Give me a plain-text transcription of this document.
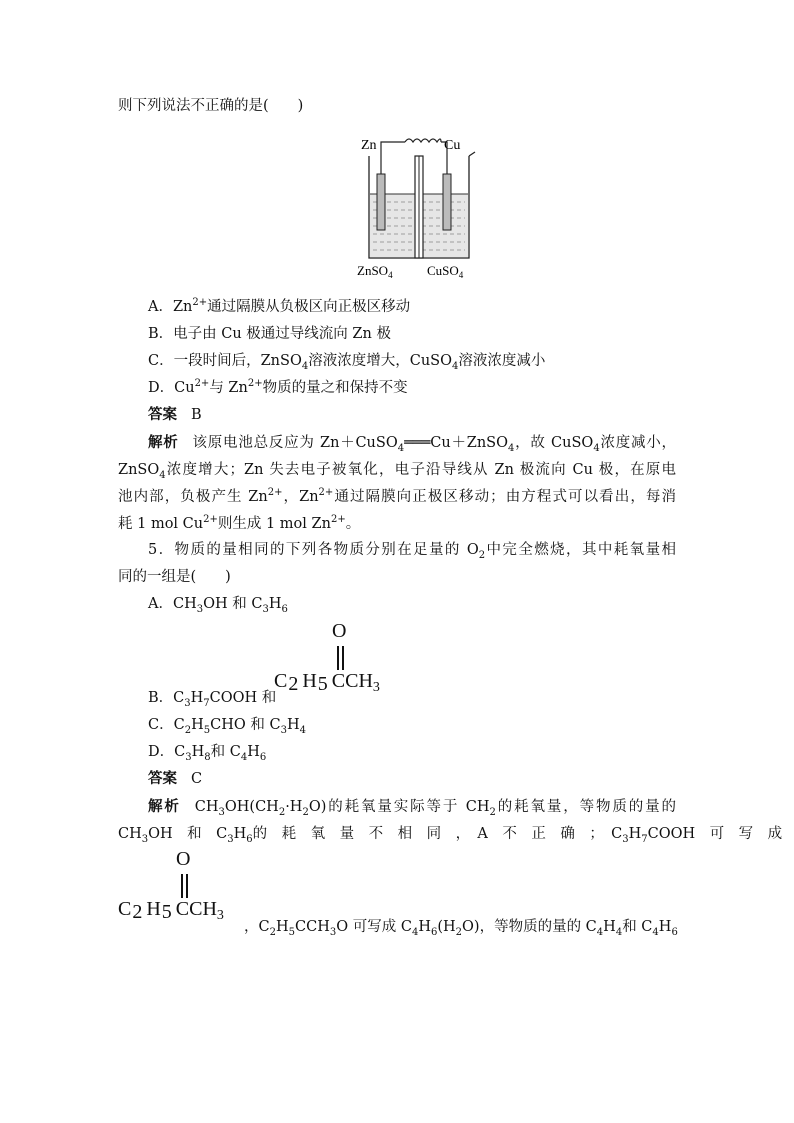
则下列说法不正确的是(　　)
Zn	Cu
ZnSO$_4$	CuSO$_4$
A．$Zn^{2+}$通过隔膜从负极区向正极区移动
B．电子由 Cu 极通过导线流向 Zn 极
C．一段时间后，ZnSO$_4$溶液浓度增大，CuSO$_4$溶液浓度减小
D．$Cu^{2+}$与 $Zn^{2+}$物质的量之和保持不变
答案 B
解析 该原电池总反应为 Zn＋CuSO$_4$═══Cu＋ZnSO$_4$，故 CuSO$_4$浓度减小，
ZnSO$_4$浓度增大；Zn 失去电子被氧化，电子沿导线从 Zn 极流向 Cu 极，在原电
池内部，负极产生 $Zn^{2+}$，$Zn^{2+}$通过隔膜向正极区移动；由方程式可以看出，每消
耗 1 mol $Cu^{2+}$则生成 1 mol $Zn^{2+}$。
5．物质的量相同的下列各物质分别在足量的 $O_2$中完全燃烧，其中耗氧量相
同的一组是(　　)
A．$CH_3OH$ 和 $C_3H_6$
O
$C_2$ $H_5$ $CCH_3$
B．$C_3H_7COOH$ 和
C．$C_2H_5CHO$ 和 $C_3H_4$
D．$C_3H_8$和 $C_4H_6$
答案 C
解析 $CH_3OH(CH_2\cdot H_2O)$的耗氧量实际等于 $CH_2$的耗氧量，等物质的量的
$CH_3OH$　和　$C_3H_6$的　耗　氧　量　不　相　同　，　A　不　正　确　；　$C_3H_7COOH$　可　写　成
O
$C_2$ $H_5$ $CCH_3$
，$C_2H_5CCH_3O$ 可写成 $C_4H_6(H_2O)$，等物质的量的 $C_4H_4$和 $C_4H_6$
